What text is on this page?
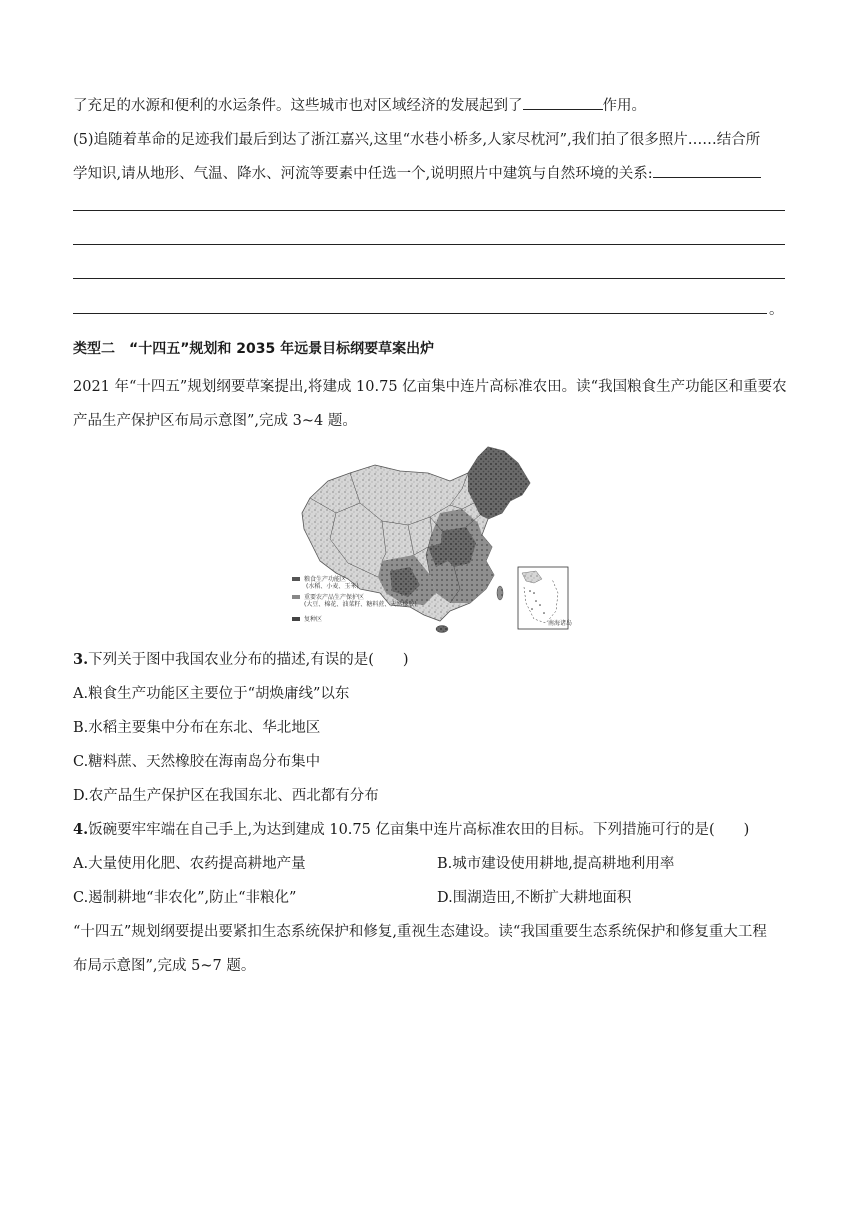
了充足的水源和便利的水运条件。这些城市也对区域经济的发展起到了	作用。
(5)追随着革命的足迹我们最后到达了浙江嘉兴,这里“水巷小桥多,人家尽枕河”,我们拍了很多照片……结合所
学知识,请从地形、气温、降水、河流等要素中任选一个,说明照片中建筑与自然环境的关系:
。
类型二　“十四五”规划和 2035 年远景目标纲要草案出炉
2021 年“十四五”规划纲要草案提出,将建成 10.75 亿亩集中连片高标准农田。读“我国粮食生产功能区和重要农
产品生产保护区布局示意图”,完成 3~4 题。
粮食生产功能区
(水稻、小麦、玉米)
重要农产品生产保护区
(大豆、棉花、油菜籽、糖料蔗、天然橡胶)
复种区
南海诸岛
3.下列关于图中我国农业分布的描述,有误的是(　　)
A.粮食生产功能区主要位于“胡焕庸线”以东
B.水稻主要集中分布在东北、华北地区
C.糖料蔗、天然橡胶在海南岛分布集中
D.农产品生产保护区在我国东北、西北都有分布
4.饭碗要牢牢端在自己手上,为达到建成 10.75 亿亩集中连片高标准农田的目标。下列措施可行的是(　　)
A.大量使用化肥、农药提高耕地产量	B.城市建设使用耕地,提高耕地利用率
C.遏制耕地“非农化”,防止“非粮化”	D.围湖造田,不断扩大耕地面积
“十四五”规划纲要提出要紧扣生态系统保护和修复,重视生态建设。读“我国重要生态系统保护和修复重大工程
布局示意图”,完成 5~7 题。
